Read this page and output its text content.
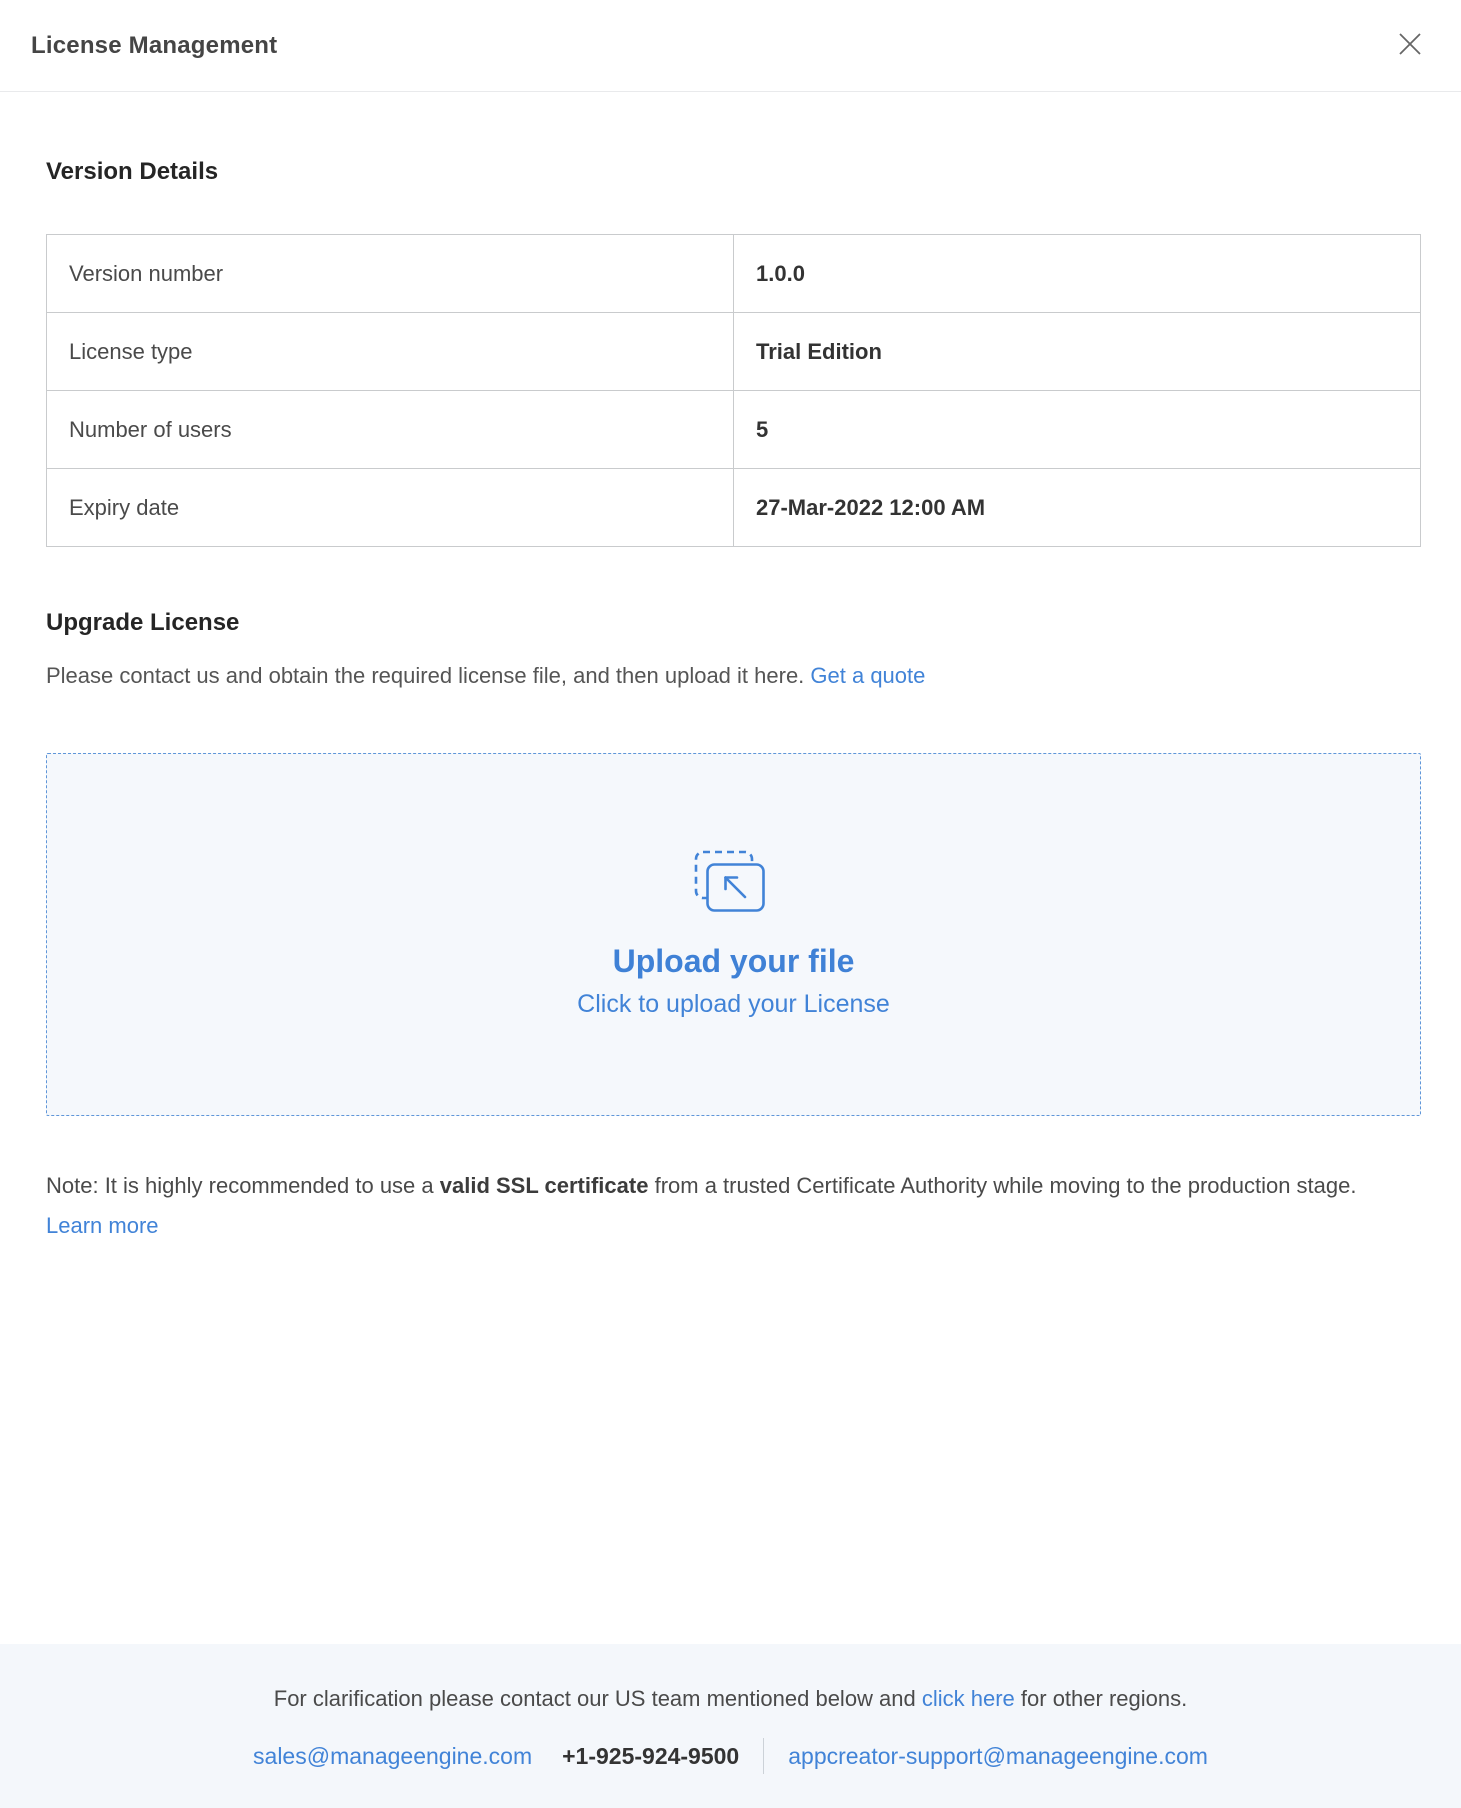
License Management
Version Details
Version number	1.0.0
License type	Trial Edition
Number of users	5
Expiry date	27-Mar-2022 12:00 AM
Upgrade License

Please contact us and obtain the required license file, and then upload it here. Get a quote

Upload your file
Click to upload your License

Note: It is highly recommended to use a valid SSL certificate from a trusted Certificate Authority while moving to the production stage. Learn more

For clarification please contact our US team mentioned below and click here for other regions.
sales@manageengine.com +1-925-924-9500 appcreator-support@manageengine.com
